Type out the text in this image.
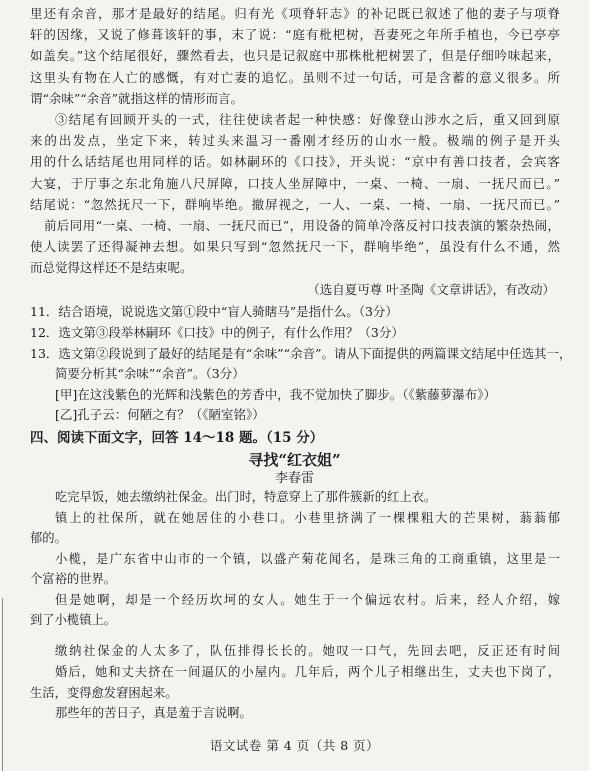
里还有余音，那才是最好的结尾。归有光《项脊轩志》的补记既已叙述了他的妻子与项脊
轩的因缘，又说了修葺该轩的事，末了说：“庭有枇杷树，吾妻死之年所手植也，今已亭亭
如盖矣。”这个结尾很好，骤然看去，也只是记叙庭中那株枇杷树罢了，但是仔细吟味起来，
这里头有物在人亡的感慨，有对亡妻的追忆。虽则不过一句话，可是含蓄的意义很多。所
谓“余味”“余音”就指这样的情形而言。
③结尾有回顾开头的一式，往往使读者起一种快感：好像登山涉水之后，重又回到原
来的出发点，坐定下来，转过头来温习一番刚才经历的山水一般。极端的例子是开头
用的什么话结尾也用同样的话。如林嗣环的《口技》，开头说：“京中有善口技者，会宾客
大宴，于厅事之东北角施八尺屏障，口技人坐屏障中，一桌、一椅、一扇、一抚尺而已。”
结尾说：“忽然抚尺一下，群响毕绝。撤屏视之，一人、一桌、一椅、一扇、一抚尺而已。”
前后同用“一桌、一椅、一扇、一抚尺而已”，用设备的简单冷落反衬口技表演的繁杂热闹，
使人读罢了还得凝神去想。如果只写到“忽然抚尺一下，群响毕绝”，虽没有什么不通，然
而总觉得这样还不是结束呢。
（选自夏丏尊 叶圣陶《文章讲话》，有改动）
11．结合语境，说说选文第①段中“盲人骑瞎马”是指什么。（3分）
12．选文第③段举林嗣环《口技》中的例子，有什么作用？（3分）
13．选文第②段说到了最好的结尾是有“余味”“余音”。请从下面提供的两篇课文结尾中任选其一，
简要分析其“余味”“余音”。（3分）
[甲]在这浅紫色的光辉和浅紫色的芳香中，我不觉加快了脚步。（《紫藤萝瀑布》）
[乙]孔子云：何陋之有？（《陋室铭》）
四、阅读下面文字，回答 14～18 题。（15 分）
寻找“红衣姐”
李春雷
吃完早饭，她去缴纳社保金。出门时，特意穿上了那件簇新的红上衣。
镇上的社保所，就在她居住的小巷口。小巷里挤满了一棵棵粗大的芒果树，蓊蓊郁
郁的。
小榄，是广东省中山市的一个镇，以盛产菊花闻名，是珠三角的工商重镇，这里是一
个富裕的世界。
但是她啊，却是一个经历坎坷的女人。她生于一个偏远农村。后来，经人介绍，嫁
到了小榄镇上。
缴纳社保金的人太多了，队伍排得长长的。她叹一口气，先回去吧，反正还有时间
婚后，她和丈夫挤在一间逼仄的小屋内。几年后，两个儿子相继出生，丈夫也下岗了，
生活，变得愈发窘困起来。
那些年的苦日子，真是羞于言说啊。
语文试卷 第 4 页（共 8 页）
